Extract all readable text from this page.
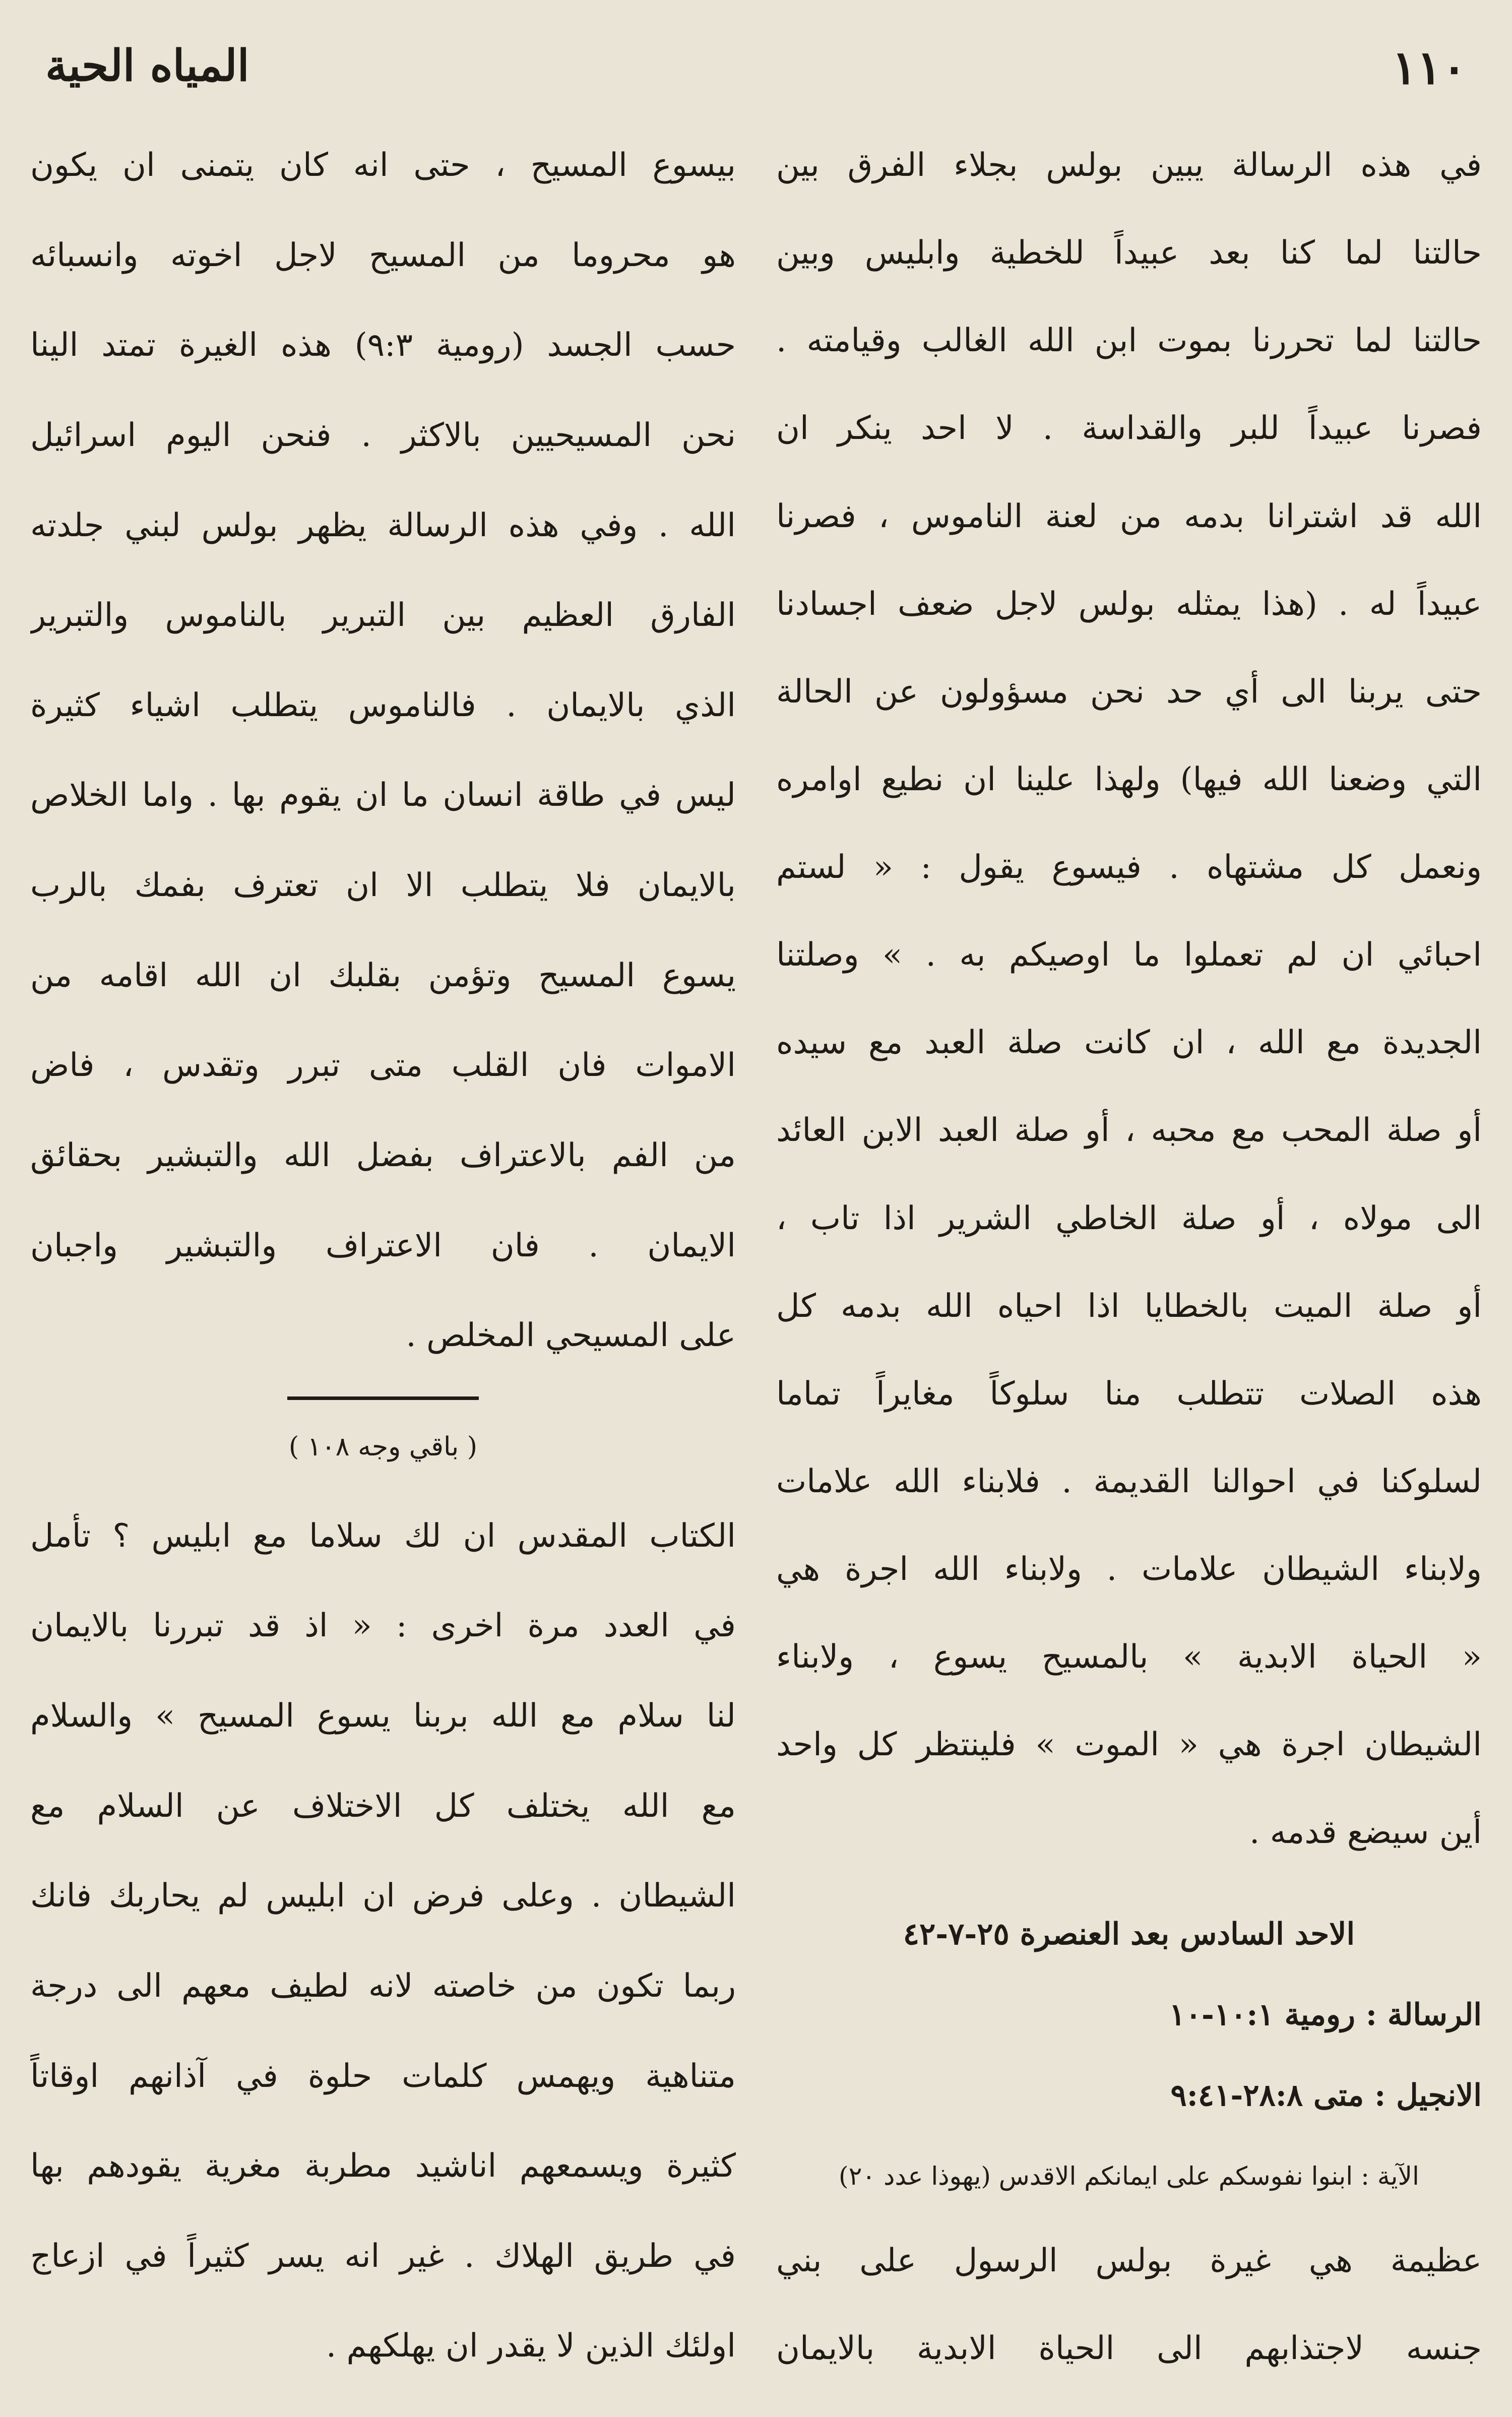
١١٠
المياه الحية
في هذه الرسالة يبين بولس بجلاء الفرق بين
حالتنا لما كنا بعد عبيداً للخطية وابليس وبين
حالتنا لما تحررنا بموت ابن الله الغالب وقيامته .
فصرنا عبيداً للبر والقداسة . لا احد ينكر ان
الله قد اشترانا بدمه من لعنة الناموس ، فصرنا
عبيداً له . (هذا يمثله بولس لاجل ضعف اجسادنا
حتى يربنا الى أي حد نحن مسؤولون عن الحالة
التي وضعنا الله فيها) ولهذا علينا ان نطيع اوامره
ونعمل كل مشتهاه . فيسوع يقول : « لستم
احبائي ان لم تعملوا ما اوصيكم به . » وصلتنا
الجديدة مع الله ، ان كانت صلة العبد مع سيده
أو صلة المحب مع محبه ، أو صلة العبد الابن العائد
الى مولاه ، أو صلة الخاطي الشرير اذا تاب ،
أو صلة الميت بالخطايا اذا احياه الله بدمه كل
هذه الصلات تتطلب منا سلوكاً مغايراً تماما
لسلوكنا في احوالنا القديمة . فلابناء الله علامات
ولابناء الشيطان علامات . ولابناء الله اجرة هي
« الحياة الابدية » بالمسيح يسوع ، ولابناء
الشيطان اجرة هي « الموت » فلينتظر كل واحد
أين سيضع قدمه .
الاحد السادس بعد العنصرة ٢٥-٧-٤٢
الرسالة : رومية ١٠:١-١٠
الانجيل : متى ٢٨:٨-٩:٤١
الآية : ابنوا نفوسكم على ايمانكم الاقدس (يهوذا عدد ٢٠)
عظيمة هي غيرة بولس الرسول على بني
جنسه لاجتذابهم الى الحياة الابدية بالايمان
بيسوع المسيح ، حتى انه كان يتمنى ان يكون
هو محروما من المسيح لاجل اخوته وانسبائه
حسب الجسد (رومية ٩:٣) هذه الغيرة تمتد الينا
نحن المسيحيين بالاكثر . فنحن اليوم اسرائيل
الله . وفي هذه الرسالة يظهر بولس لبني جلدته
الفارق العظيم بين التبرير بالناموس والتبرير
الذي بالايمان . فالناموس يتطلب اشياء كثيرة
ليس في طاقة انسان ما ان يقوم بها . واما الخلاص
بالايمان فلا يتطلب الا ان تعترف بفمك بالرب
يسوع المسيح وتؤمن بقلبك ان الله اقامه من
الاموات فان القلب متى تبرر وتقدس ، فاض
من الفم بالاعتراف بفضل الله والتبشير بحقائق
الايمان . فان الاعتراف والتبشير واجبان
على المسيحي المخلص .
( باقي وجه ١٠٨ )
الكتاب المقدس ان لك سلاما مع ابليس ؟ تأمل
في العدد مرة اخرى : « اذ قد تبررنا بالايمان
لنا سلام مع الله بربنا يسوع المسيح » والسلام
مع الله يختلف كل الاختلاف عن السلام مع
الشيطان . وعلى فرض ان ابليس لم يحاربك فانك
ربما تكون من خاصته لانه لطيف معهم الى درجة
متناهية ويهمس كلمات حلوة في آذانهم اوقاتاً
كثيرة ويسمعهم اناشيد مطربة مغرية يقودهم بها
في طريق الهلاك . غير انه يسر كثيراً في ازعاج
اولئك الذين لا يقدر ان يهلكهم .
